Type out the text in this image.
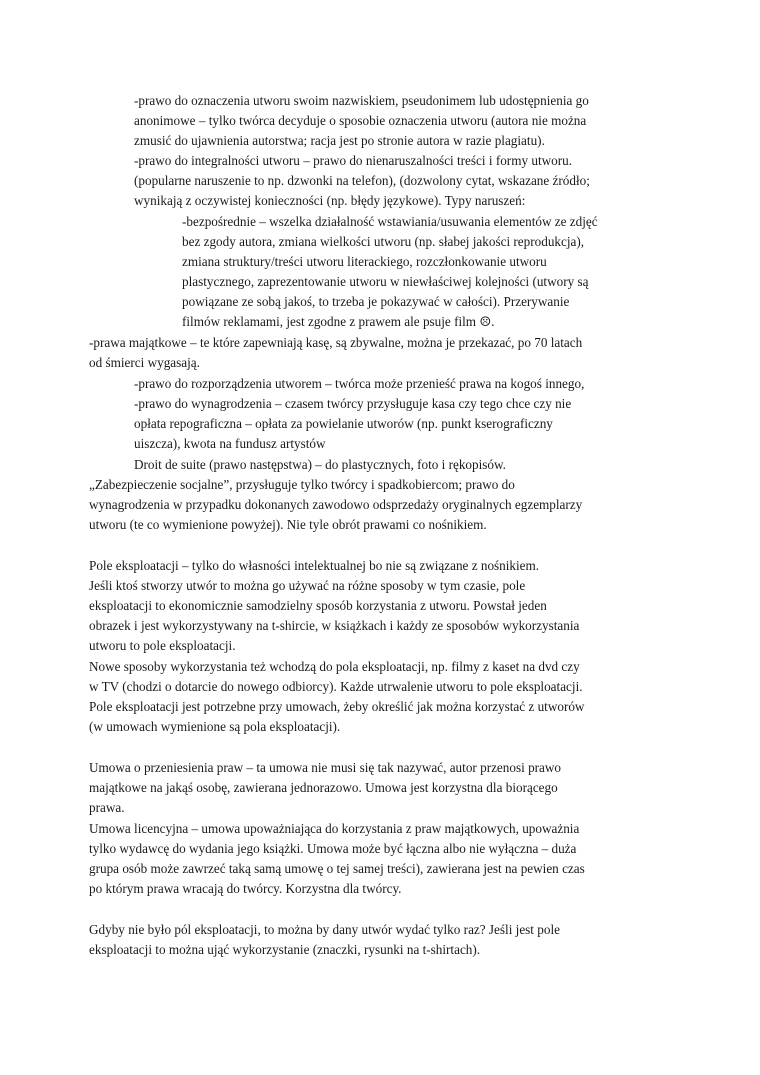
-prawo do oznaczenia utworu swoim nazwiskiem, pseudonimem lub udostępnienia go
anonimowe – tylko twórca decyduje o sposobie oznaczenia utworu (autora nie można
zmusić do ujawnienia autorstwa; racja jest po stronie autora w razie plagiatu).
-prawo do integralności utworu – prawo do nienaruszalności treści i formy utworu.
(popularne naruszenie to np. dzwonki na telefon), (dozwolony cytat, wskazane źródło;
wynikają z oczywistej konieczności (np. błędy językowe). Typy naruszeń:
-bezpośrednie – wszelka działalność wstawiania/usuwania elementów ze zdjęć
bez zgody autora, zmiana wielkości utworu (np. słabej jakości reprodukcja),
zmiana struktury/treści utworu literackiego, rozczłonkowanie utworu
plastycznego, zaprezentowanie utworu w niewłaściwej kolejności (utwory są
powiązane ze sobą jakoś, to trzeba je pokazywać w całości). Przerywanie
filmów reklamami, jest zgodne z prawem ale psuje film ☹.
-prawa majątkowe – te które zapewniają kasę, są zbywalne, można je przekazać, po 70 latach
od śmierci wygasają.
-prawo do rozporządzenia utworem – twórca może przenieść prawa na kogoś innego,
-prawo do wynagrodzenia – czasem twórcy przysługuje kasa czy tego chce czy nie
opłata repograficzna – opłata za powielanie utworów (np. punkt kserograficzny
uiszcza), kwota na fundusz artystów
Droit de suite (prawo następstwa) – do plastycznych, foto i rękopisów.
„Zabezpieczenie socjalne”, przysługuje tylko twórcy i spadkobiercom; prawo do
wynagrodzenia w przypadku dokonanych zawodowo odsprzedaży oryginalnych egzemplarzy
utworu (te co wymienione powyżej). Nie tyle obrót prawami co nośnikiem.
Pole eksploatacji – tylko do własności intelektualnej bo nie są związane z nośnikiem.
Jeśli ktoś stworzy utwór to można go używać na różne sposoby w tym czasie, pole
eksploatacji to ekonomicznie samodzielny sposób korzystania z utworu. Powstał jeden
obrazek i jest wykorzystywany na t-shircie, w książkach i każdy ze sposobów wykorzystania
utworu to pole eksploatacji.
Nowe sposoby wykorzystania też wchodzą do pola eksploatacji, np. filmy z kaset na dvd czy
w TV (chodzi o dotarcie do nowego odbiorcy). Każde utrwalenie utworu to pole eksploatacji.
Pole eksploatacji jest potrzebne przy umowach, żeby określić jak można korzystać z utworów
(w umowach wymienione są pola eksploatacji).
Umowa o przeniesienia praw – ta umowa nie musi się tak nazywać, autor przenosi prawo
majątkowe na jakąś osobę, zawierana jednorazowo. Umowa jest korzystna dla biorącego
prawa.
Umowa licencyjna – umowa upoważniająca do korzystania z praw majątkowych, upoważnia
tylko wydawcę do wydania jego książki. Umowa może być łączna albo nie wyłączna – duża
grupa osób może zawrzeć taką samą umowę o tej samej treści), zawierana jest na pewien czas
po którym prawa wracają do twórcy. Korzystna dla twórcy.
Gdyby nie było pól eksploatacji, to można by dany utwór wydać tylko raz? Jeśli jest pole
eksploatacji to można ująć wykorzystanie (znaczki, rysunki na t-shirtach).
